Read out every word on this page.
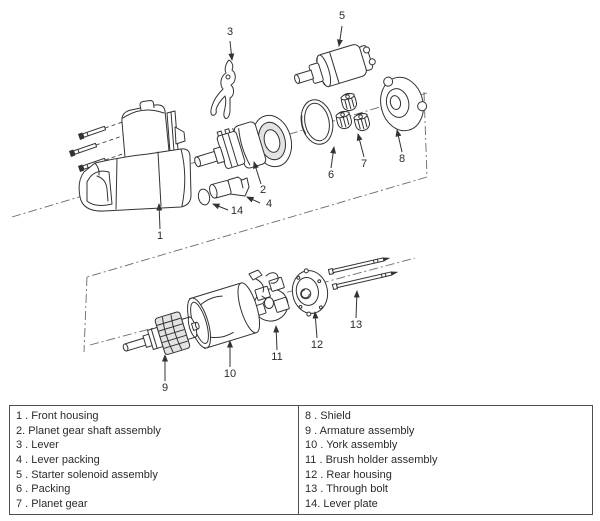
1
2
3
4
5
6
7	8
9
10
11
12
13
14
1 . Front housing
2. Planet gear shaft assembly
3 . Lever
4 . Lever packing
5 . Starter solenoid assembly
6 . Packing
7 . Planet gear
8 . Shield
9 . Armature assembly
10 . York assembly
11 . Brush holder assembly
12 . Rear housing
13 . Through bolt
14. Lever plate
